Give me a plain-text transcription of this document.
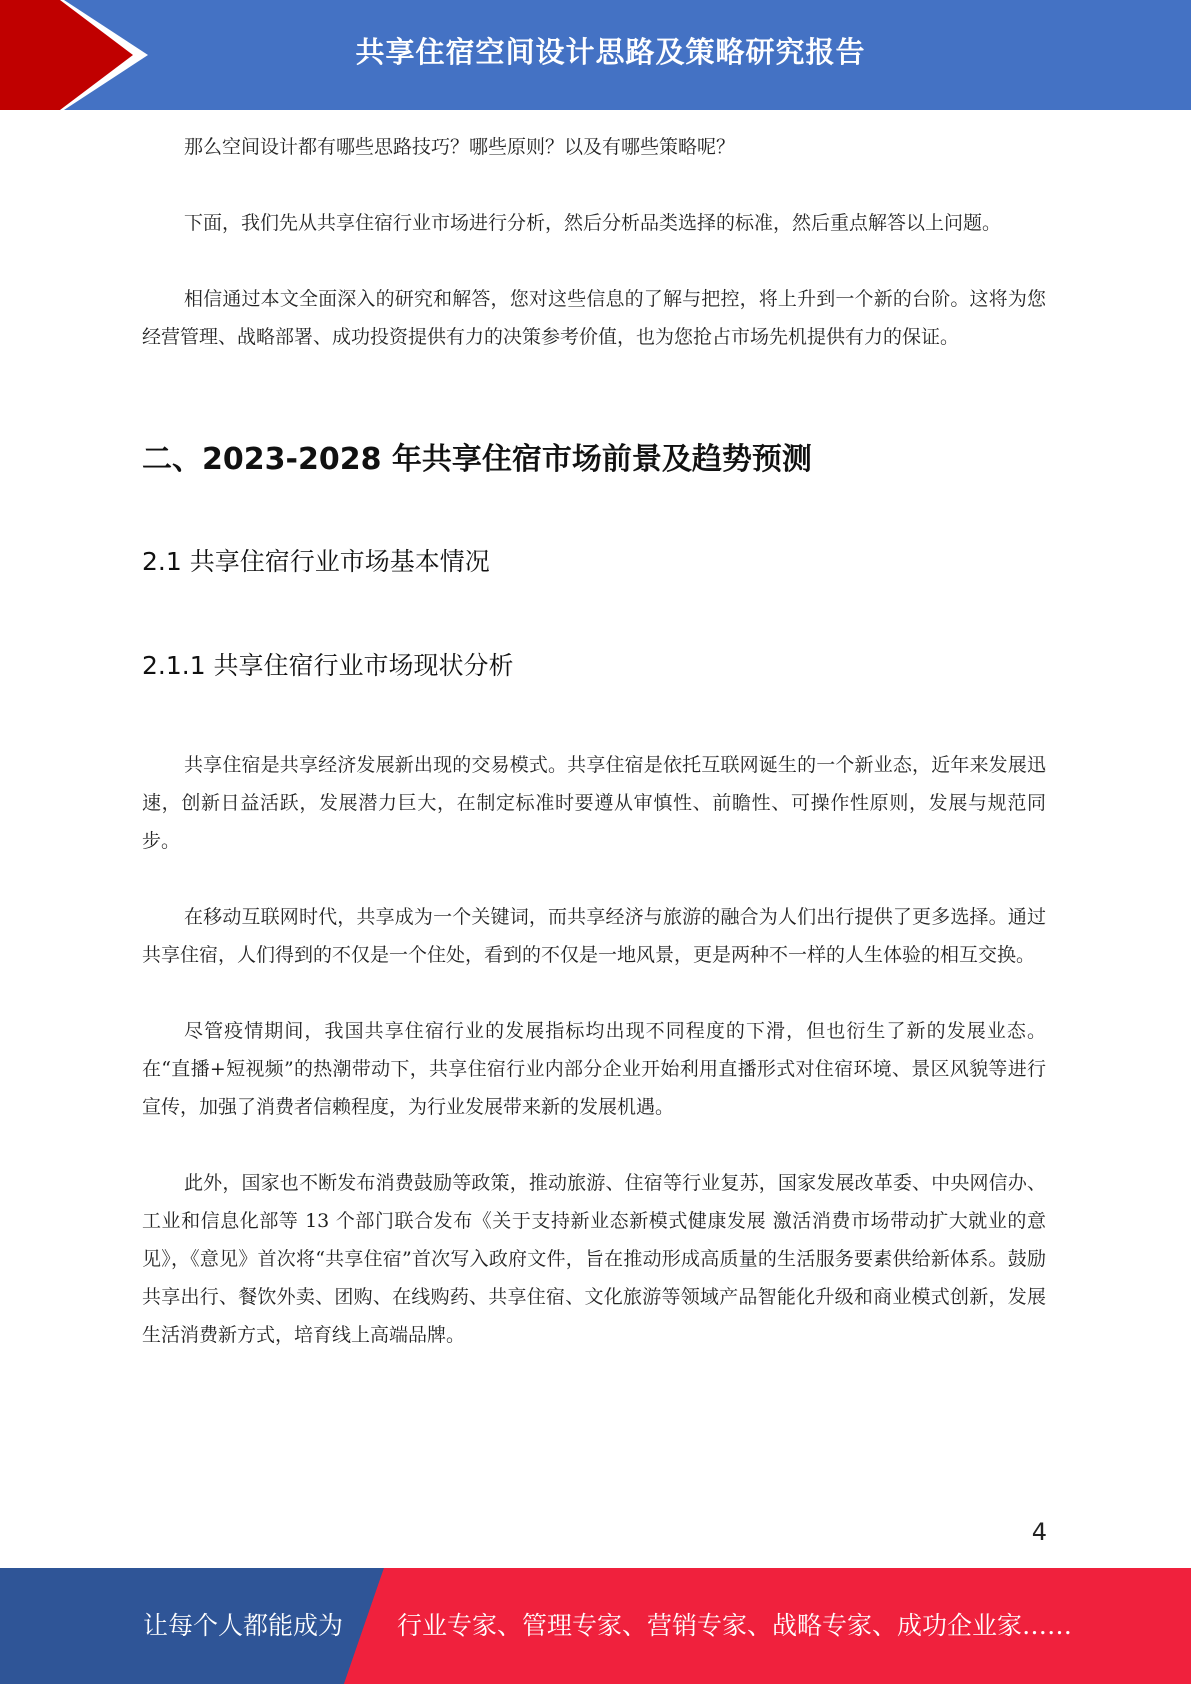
共享住宿空间设计思路及策略研究报告

那么空间设计都有哪些思路技巧？哪些原则？以及有哪些策略呢？

下面，我们先从共享住宿行业市场进行分析，然后分析品类选择的标准，然后重点解答以上问题。

相信通过本文全面深入的研究和解答，您对这些信息的了解与把控，将上升到一个新的台阶。这将为您经营管理、战略部署、成功投资提供有力的决策参考价值，也为您抢占市场先机提供有力的保证。

二、2023-2028 年共享住宿市场前景及趋势预测
2.1 共享住宿行业市场基本情况
2.1.1 共享住宿行业市场现状分析

共享住宿是共享经济发展新出现的交易模式。共享住宿是依托互联网诞生的一个新业态，近年来发展迅速，创新日益活跃，发展潜力巨大，在制定标准时要遵从审慎性、前瞻性、可操作性原则，发展与规范同步。

在移动互联网时代，共享成为一个关键词，而共享经济与旅游的融合为人们出行提供了更多选择。通过共享住宿，人们得到的不仅是一个住处，看到的不仅是一地风景，更是两种不一样的人生体验的相互交换。

尽管疫情期间，我国共享住宿行业的发展指标均出现不同程度的下滑，但也衍生了新的发展业态。在“直播+短视频”的热潮带动下，共享住宿行业内部分企业开始利用直播形式对住宿环境、景区风貌等进行宣传，加强了消费者信赖程度，为行业发展带来新的发展机遇。

此外，国家也不断发布消费鼓励等政策，推动旅游、住宿等行业复苏，国家发展改革委、中央网信办、工业和信息化部等 13 个部门联合发布《关于支持新业态新模式健康发展 激活消费市场带动扩大就业的意见》，《意见》首次将“共享住宿”首次写入政府文件，旨在推动形成高质量的生活服务要素供给新体系。鼓励共享出行、餐饮外卖、团购、在线购药、共享住宿、文化旅游等领域产品智能化升级和商业模式创新，发展生活消费新方式，培育线上高端品牌。

4
让每个人都能成为 行业专家、管理专家、营销专家、战略专家、成功企业家……
